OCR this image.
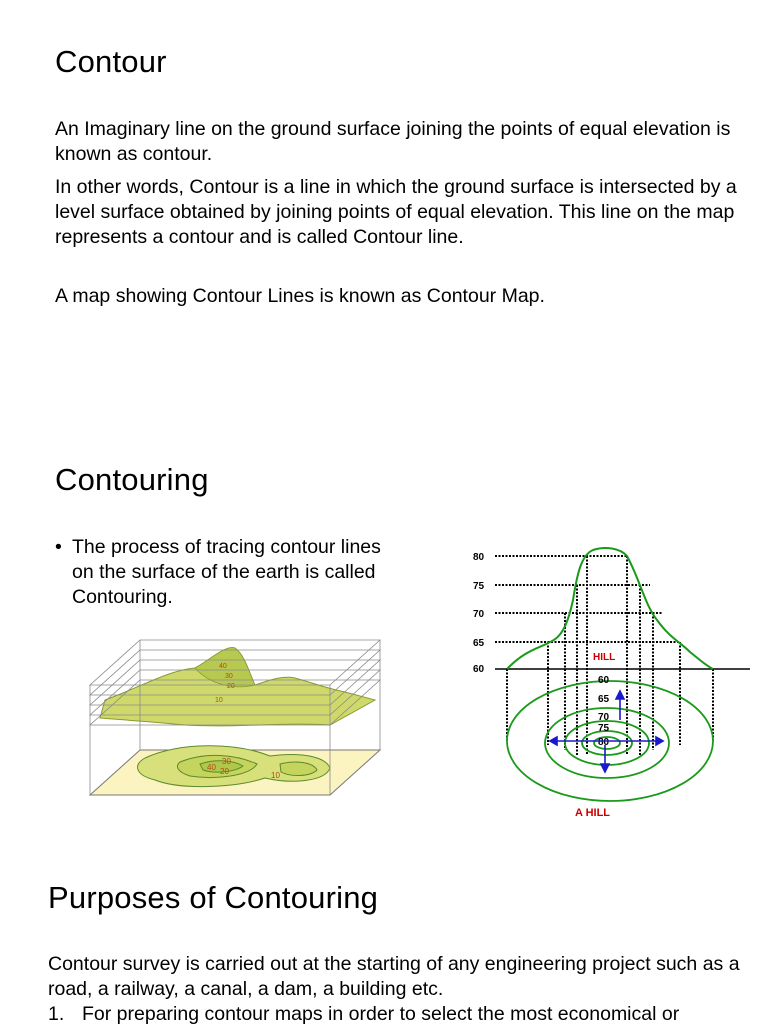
Contour
An Imaginary line on the ground surface joining the points of equal elevation is known as contour.
In other words, Contour is a line in which the ground surface is intersected by a level surface obtained by joining points of equal elevation. This line on the map represents a contour and is called Contour line.
A map showing Contour Lines is known as Contour Map.
Contouring
• The process of tracing contour lines on the surface of the earth is called Contouring.
40
30
20	10
40
30
20
10
80
75
70
65
60
HILL
60
65
70
75
80
A HILL
Purposes of Contouring
Contour survey is carried out at the starting of any engineering project such as a road, a railway, a canal, a dam, a building etc.
1. For preparing contour maps in order to select the most economical or
